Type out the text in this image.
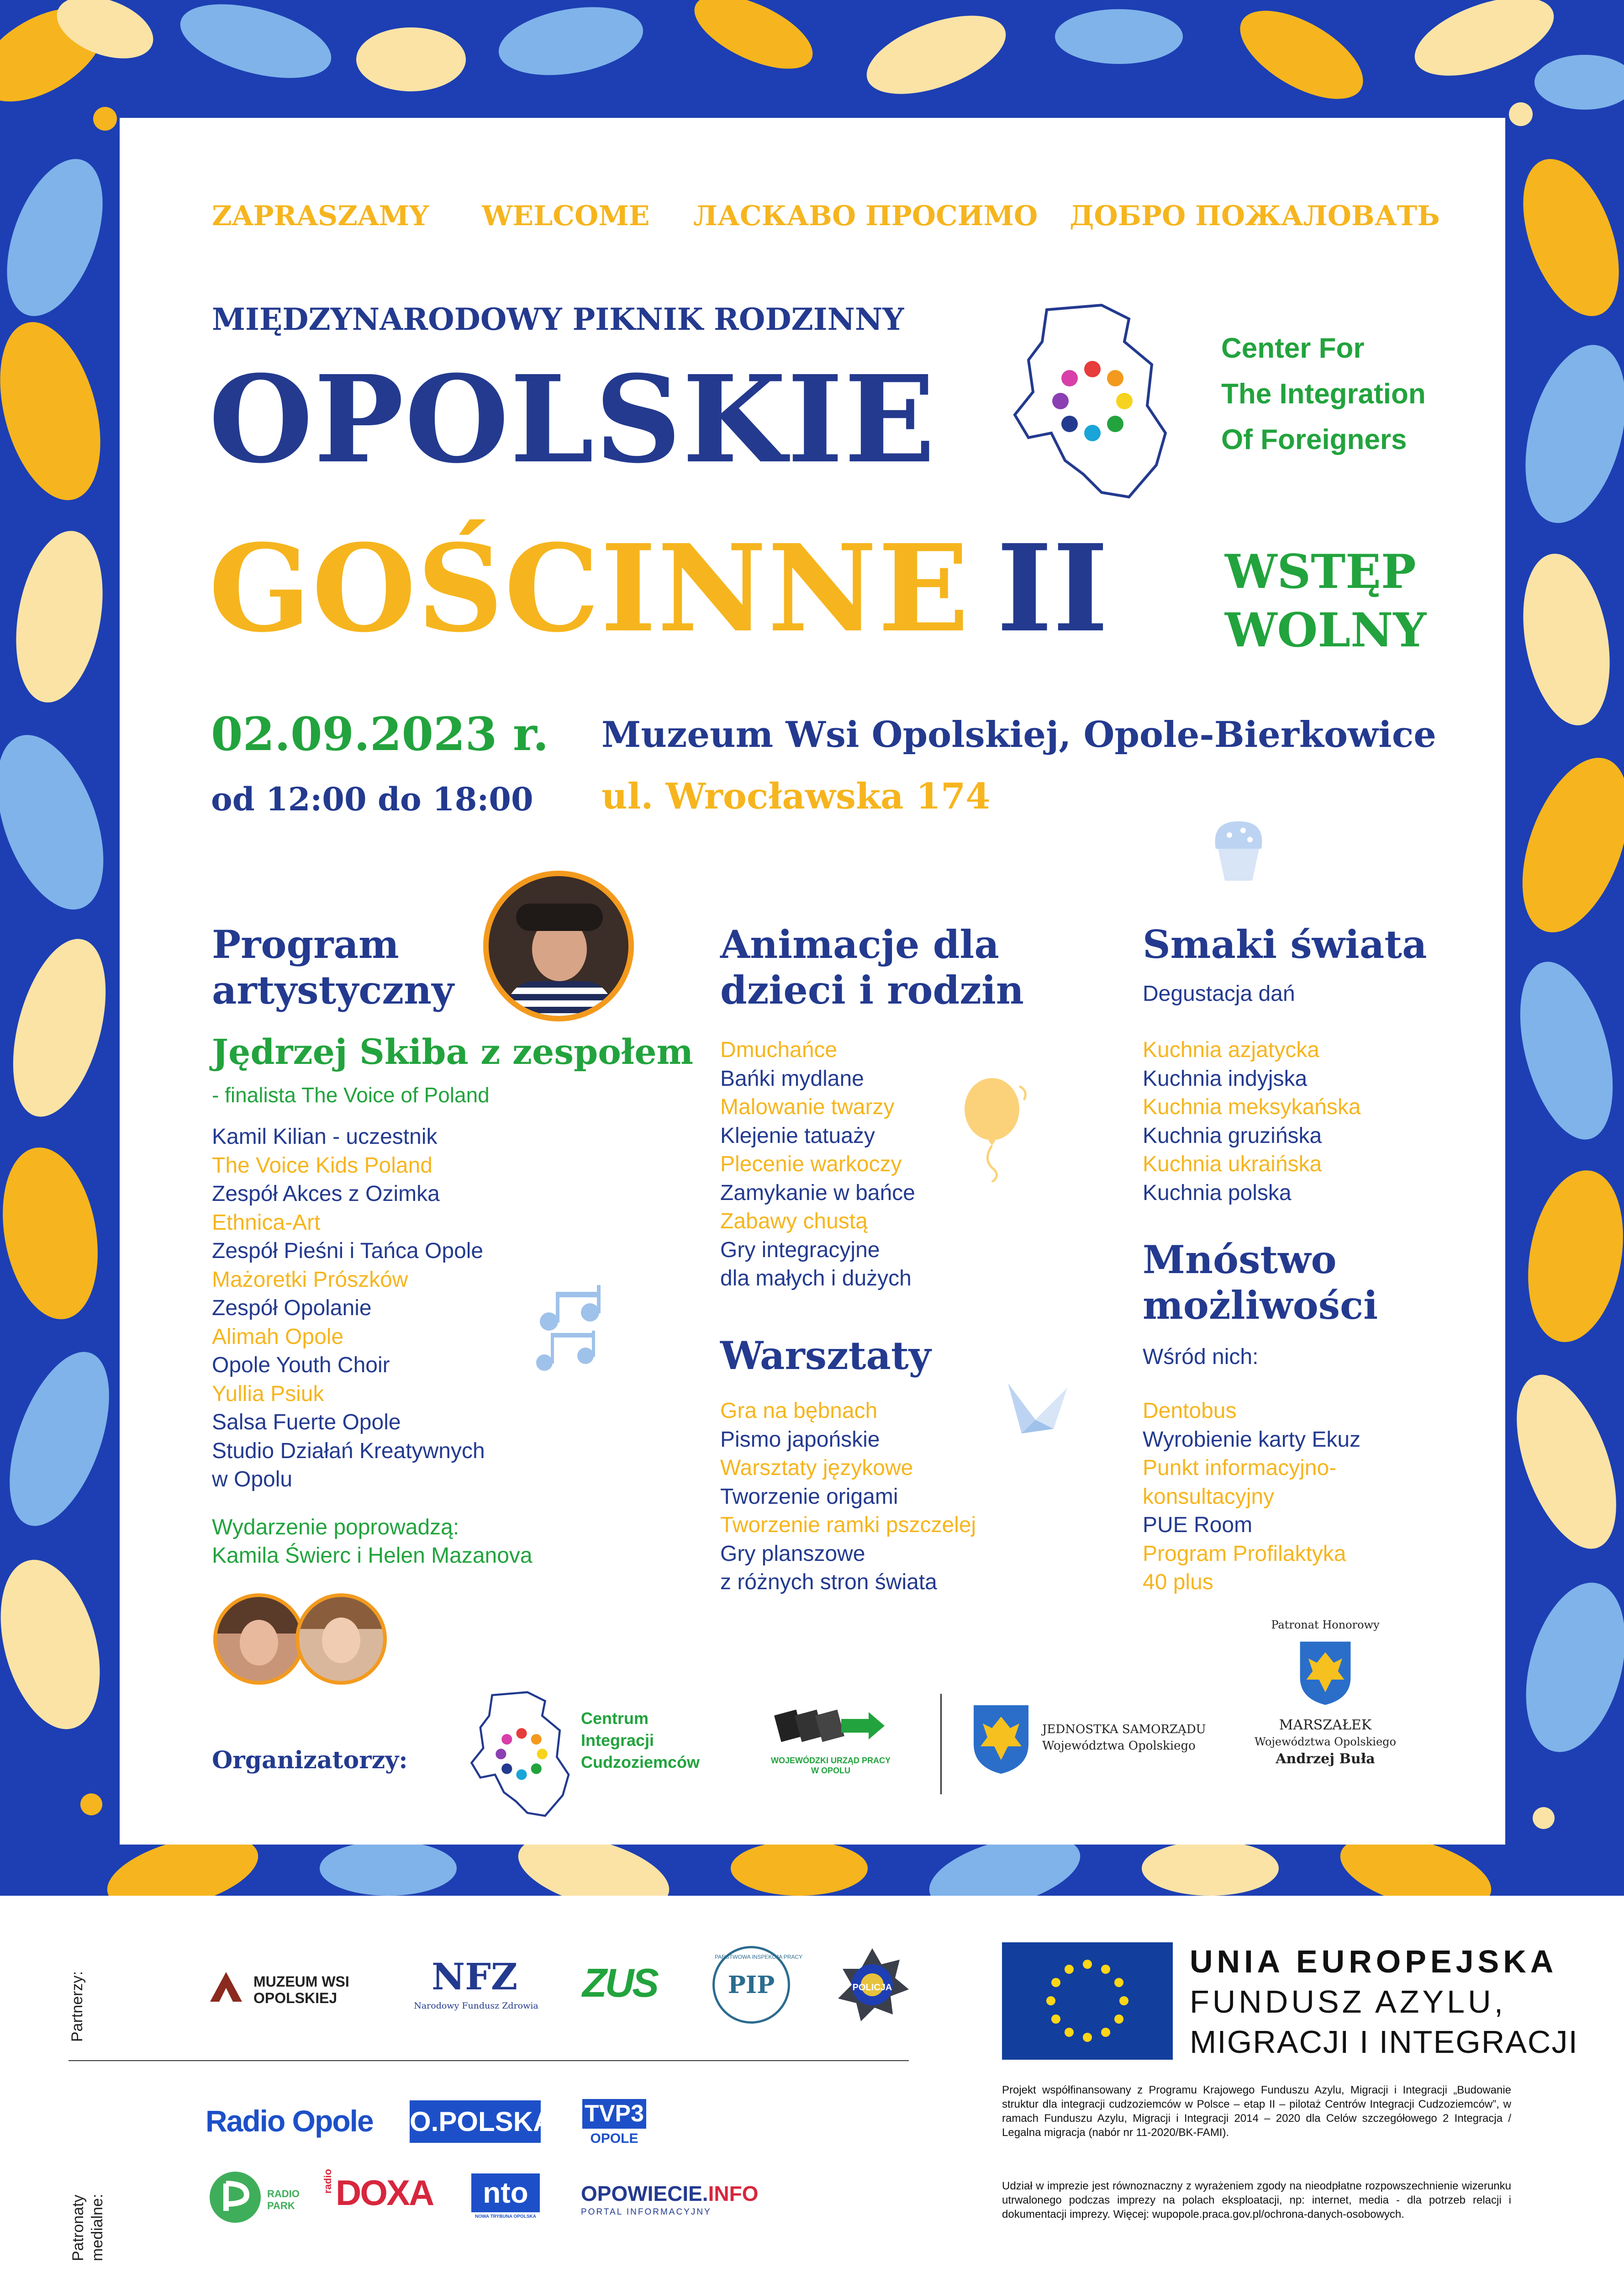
ZAPRASZAMY WELCOME ЛАСКАВО ПРОСИМО ДОБРО ПОЖАЛОВАТЬ
MIĘDZYNARODOWY PIKNIK RODZINNY
OPOLSKIE
GOŚCINNE II
Center For
The Integration
Of Foreigners
WSTĘP
WOLNY
02.09.2023 r.
od 12:00 do 18:00
Muzeum Wsi Opolskiej, Opole-Bierkowice
ul. Wrocławska 174
Program
artystyczny
Jędrzej Skiba z zespołem
- finalista The Voice of Poland
Kamil Kilian - uczestnik
The Voice Kids Poland
Zespół Akces z Ozimka
Ethnica-Art
Zespół Pieśni i Tańca Opole
Mażoretki Prószków
Zespół Opolanie
Alimah Opole
Opole Youth Choir
Yullia Psiuk
Salsa Fuerte Opole
Studio Działań Kreatywnych
w Opolu
Wydarzenie poprowadzą:
Kamila Świerc i Helen Mazanova
Animacje dla
dzieci i rodzin
Dmuchańce
Bańki mydlane
Malowanie twarzy
Klejenie tatuaży
Plecenie warkoczy
Zamykanie w bańce
Zabawy chustą
Gry integracyjne
dla małych i dużych
Warsztaty
Gra na bębnach
Pismo japońskie
Warsztaty językowe
Tworzenie origami
Tworzenie ramki pszczelej
Gry planszowe
z różnych stron świata
Smaki świata
Degustacja dań
Kuchnia azjatycka
Kuchnia indyjska
Kuchnia meksykańska
Kuchnia gruzińska
Kuchnia ukraińska
Kuchnia polska
Mnóstwo
możliwości
Wśród nich:
Dentobus
Wyrobienie karty Ekuz
Punkt informacyjno-
konsultacyjny
PUE Room
Program Profilaktyka
40 plus
Organizatorzy:
Centrum
Integracji
Cudzoziemców	WOJEWÓDZKI URZĄD PRACY
W OPOLU
JEDNOSTKA SAMORZĄDU
Województwa Opolskiego
Patronat Honorowy
MARSZAŁEK
Województwa Opolskiego
Andrzej Buła
Partnerzy:	MUZEUM WSI
OPOLSKIEJ	NFZ
Narodowy Fundusz Zdrowia
ZUS
PAŃSTWOWA INSPEKCJA PRACY
PIP	POLICJA
UNIA EUROPEJSKA
FUNDUSZ AZYLU,
MIGRACJI I INTEGRACJI
Patronaty medialne:
Radio Opole O.POLSKA TVP3
OPOLE
RADIO
PARK
radio DOXA	nto
NOWA TRYBUNA OPOLSKA
OPOWIECIE.INFO
PORTAL INFORMACYJNY
Projekt współfinansowany z Programu Krajowego Funduszu Azylu, Migracji i Integracji „Budowanie struktur dla integracji cudzoziemców w Polsce – etap II – pilotaż Centrów Integracji Cudzoziemców”, w ramach Funduszu Azylu, Migracji i Integracji 2014 – 2020 dla Celów szczegółowego 2 Integracja / Legalna migracja (nabór nr 11-2020/BK-FAMI).
Udział w imprezie jest równoznaczny z wyrażeniem zgody na nieodpłatne rozpowszechnienie wizerunku utrwalonego podczas imprezy na polach eksploatacji, np: internet, media - dla potrzeb relacji i dokumentacji imprezy. Więcej: wupopole.praca.gov.pl/ochrona-danych-osobowych.
